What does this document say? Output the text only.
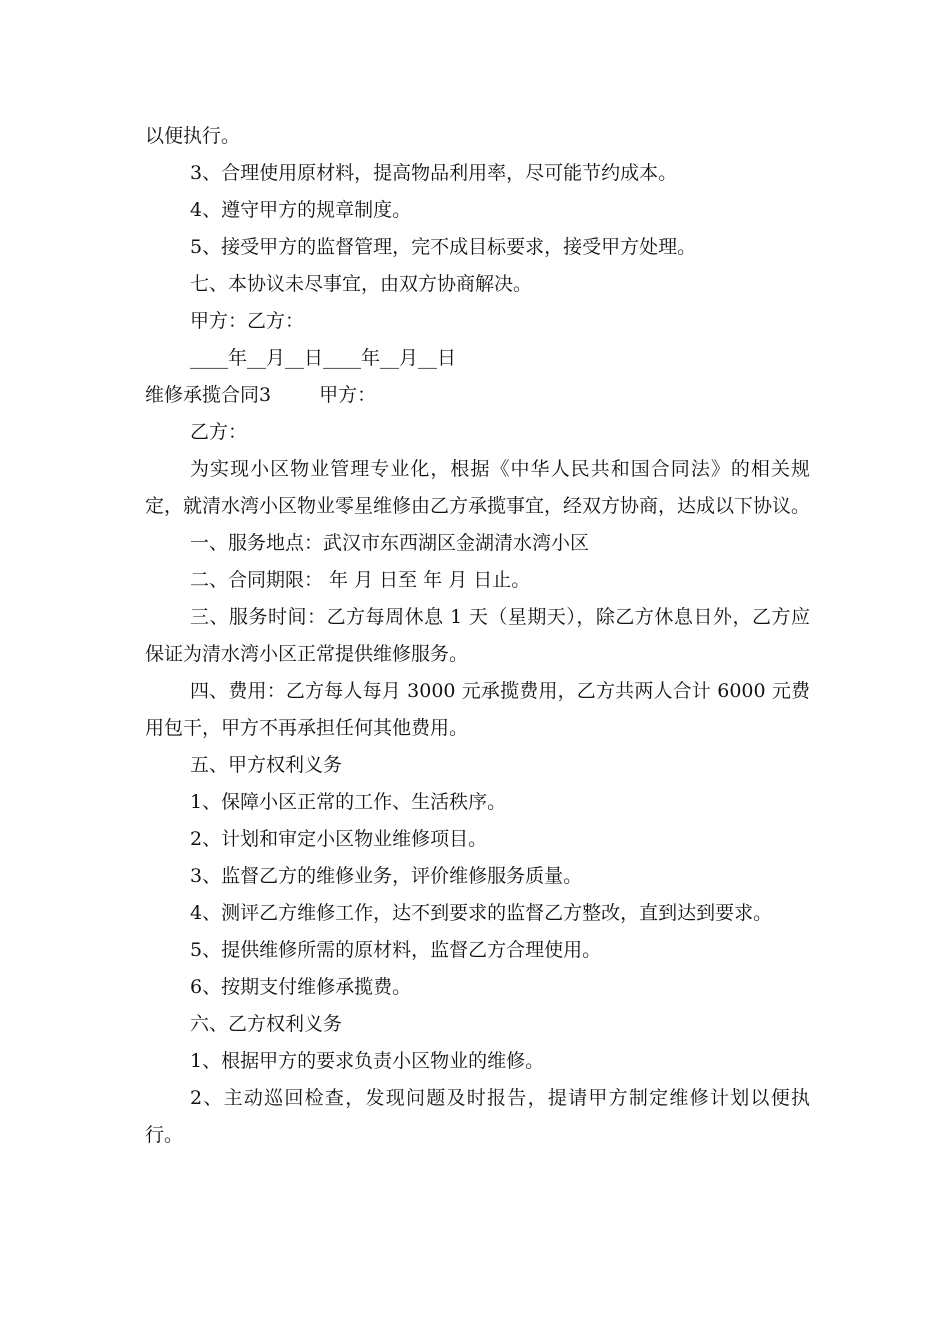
以便执行。

3、合理使用原材料，提高物品利用率，尽可能节约成本。

4、遵守甲方的规章制度。

5、接受甲方的监督管理，完不成目标要求，接受甲方处理。

七、本协议未尽事宜，由双方协商解决。

甲方：乙方：

____年__月__日____年__月__日

维修承揽合同3	甲方：

乙方：

为实现小区物业管理专业化，根据《中华人民共和国合同法》的相关规定，就清水湾小区物业零星维修由乙方承揽事宜，经双方协商，达成以下协议。

一、服务地点：武汉市东西湖区金湖清水湾小区

二、合同期限： 年 月 日至 年 月 日止。

三、服务时间：乙方每周休息 1 天（星期天），除乙方休息日外，乙方应保证为清水湾小区正常提供维修服务。

四、费用：乙方每人每月 3000 元承揽费用，乙方共两人合计 6000 元费用包干，甲方不再承担任何其他费用。

五、甲方权利义务

1、保障小区正常的工作、生活秩序。

2、计划和审定小区物业维修项目。

3、监督乙方的维修业务，评价维修服务质量。

4、测评乙方维修工作，达不到要求的监督乙方整改，直到达到要求。

5、提供维修所需的原材料，监督乙方合理使用。

6、按期支付维修承揽费。

六、乙方权利义务

1、根据甲方的要求负责小区物业的维修。

2、主动巡回检查，发现问题及时报告，提请甲方制定维修计划以便执行。
